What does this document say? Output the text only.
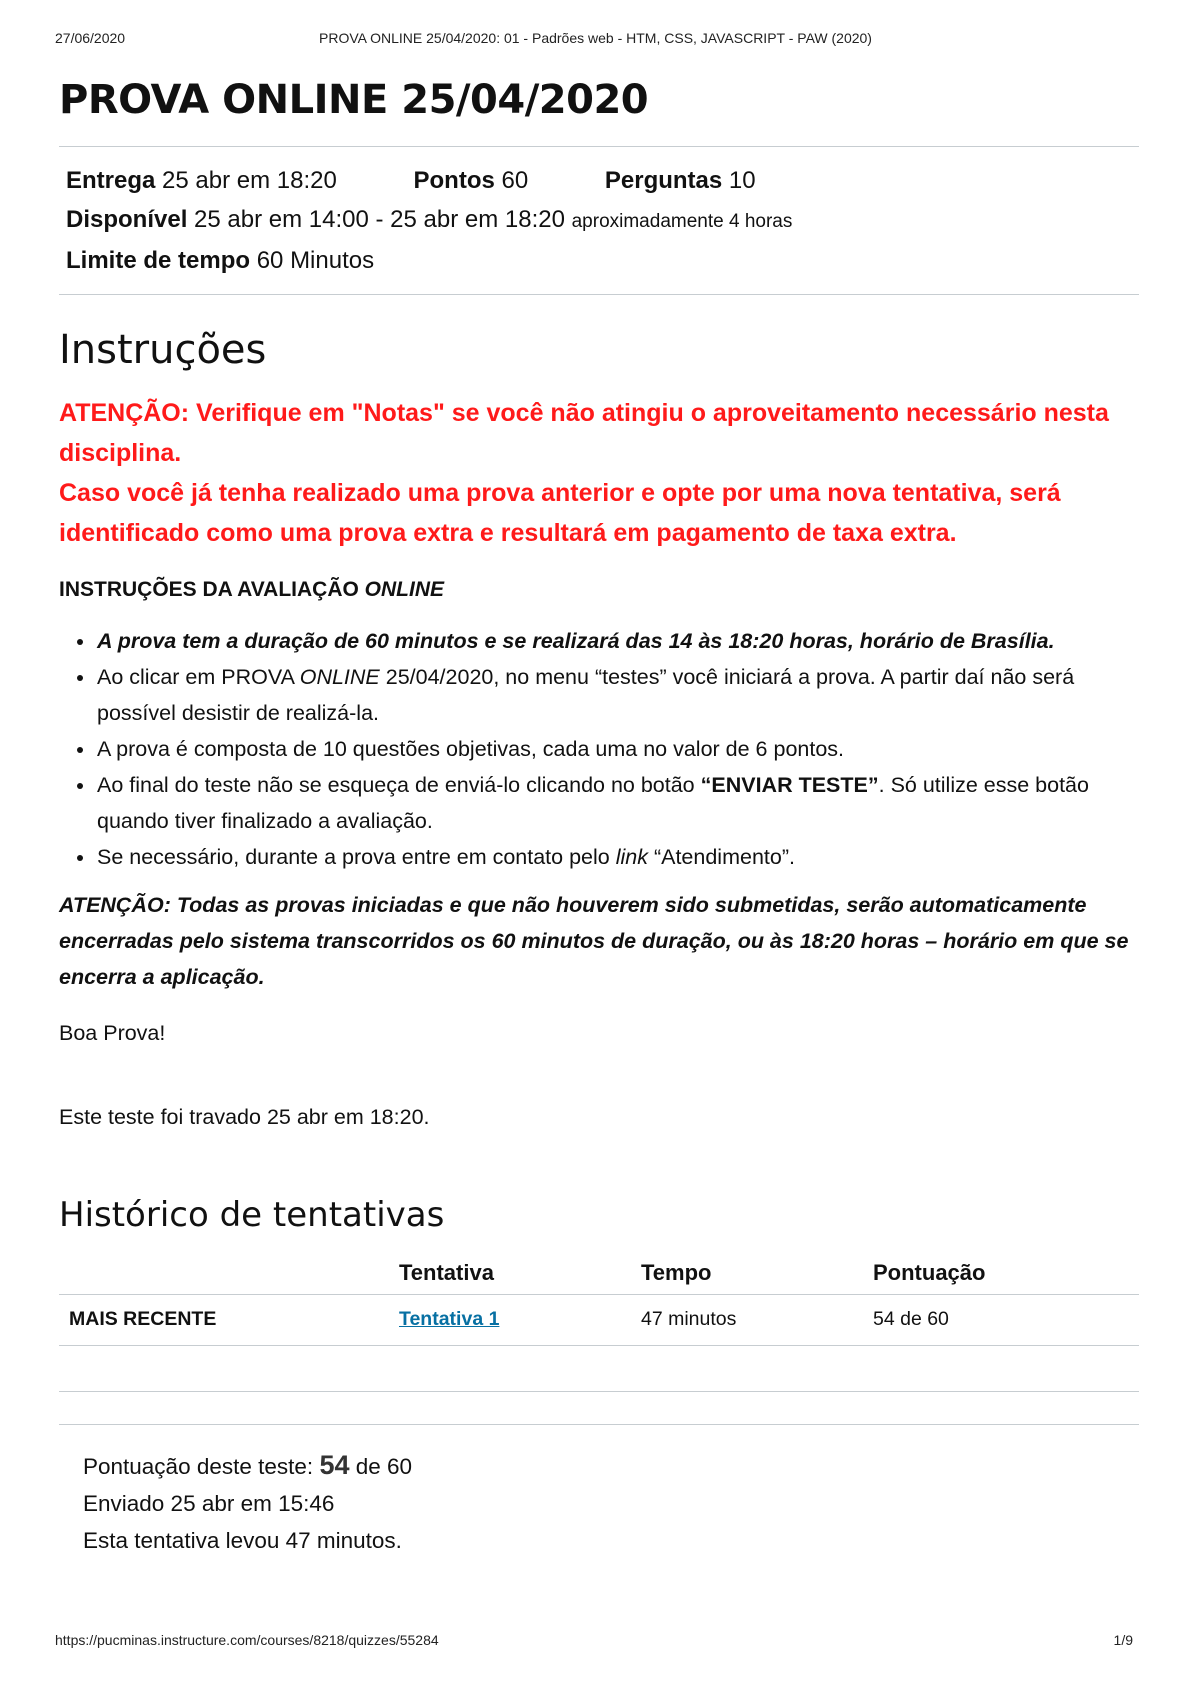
27/06/2020	PROVA ONLINE 25/04/2020: 01 - Padrões web - HTM, CSS, JAVASCRIPT - PAW (2020)
PROVA ONLINE 25/04/2020
Entrega 25 abr em 18:20	Pontos 60	Perguntas 10
Disponível 25 abr em 14:00 - 25 abr em 18:20 aproximadamente 4 horas
Limite de tempo 60 Minutos
Instruções
ATENÇÃO: Verifique em "Notas" se você não atingiu o aproveitamento necessário nesta disciplina.
Caso você já tenha realizado uma prova anterior e opte por uma nova tentativa, será identificado como uma prova extra e resultará em pagamento de taxa extra.
INSTRUÇÕES DA AVALIAÇÃO ONLINE
• A prova tem a duração de 60 minutos e se realizará das 14 às 18:20 horas, horário de Brasília.
• Ao clicar em PROVA ONLINE 25/04/2020, no menu “testes” você iniciará a prova. A partir daí não será possível desistir de realizá-la.
• A prova é composta de 10 questões objetivas, cada uma no valor de 6 pontos.
• Ao final do teste não se esqueça de enviá-lo clicando no botão “ENVIAR TESTE”. Só utilize esse botão quando tiver finalizado a avaliação.
• Se necessário, durante a prova entre em contato pelo link “Atendimento”.
ATENÇÃO: Todas as provas iniciadas e que não houverem sido submetidas, serão automaticamente encerradas pelo sistema transcorridos os 60 minutos de duração, ou às 18:20 horas – horário em que se encerra a aplicação.
Boa Prova!
Este teste foi travado 25 abr em 18:20.
Histórico de tentativas
	Tentativa	Tempo	Pontuação
MAIS RECENTE	Tentativa 1	47 minutos	54 de 60

Pontuação deste teste: 54 de 60
Enviado 25 abr em 15:46
Esta tentativa levou 47 minutos.
https://pucminas.instructure.com/courses/8218/quizzes/55284	1/9
